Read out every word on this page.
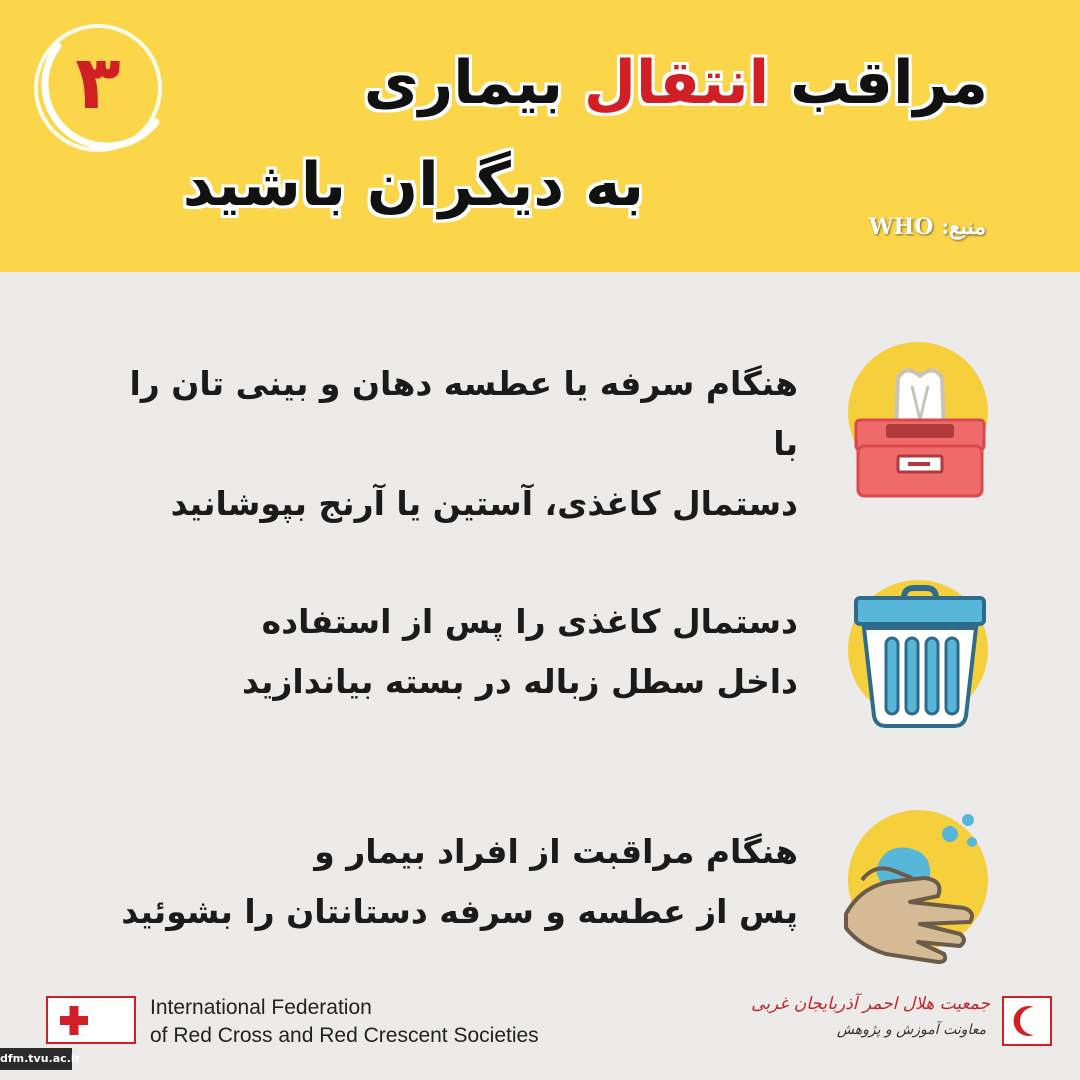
۳	مراقب انتقال بیماری
به دیگران باشید
منبع: WHO
هنگام سرفه یا عطسه دهان و بینی تان را با
دستمال کاغذی، آستین یا آرنج بپوشانید
دستمال کاغذی را پس از استفاده
داخل سطل زباله در بسته بیاندازید
هنگام مراقبت از افراد بیمار و
پس از عطسه و سرفه دستانتان را بشوئید
International Federation
of Red Cross and Red Crescent Societies
جمعیت هلال احمر آذربایجان غربی
معاونت آموزش و پژوهش
dfm.tvu.ac.ir
